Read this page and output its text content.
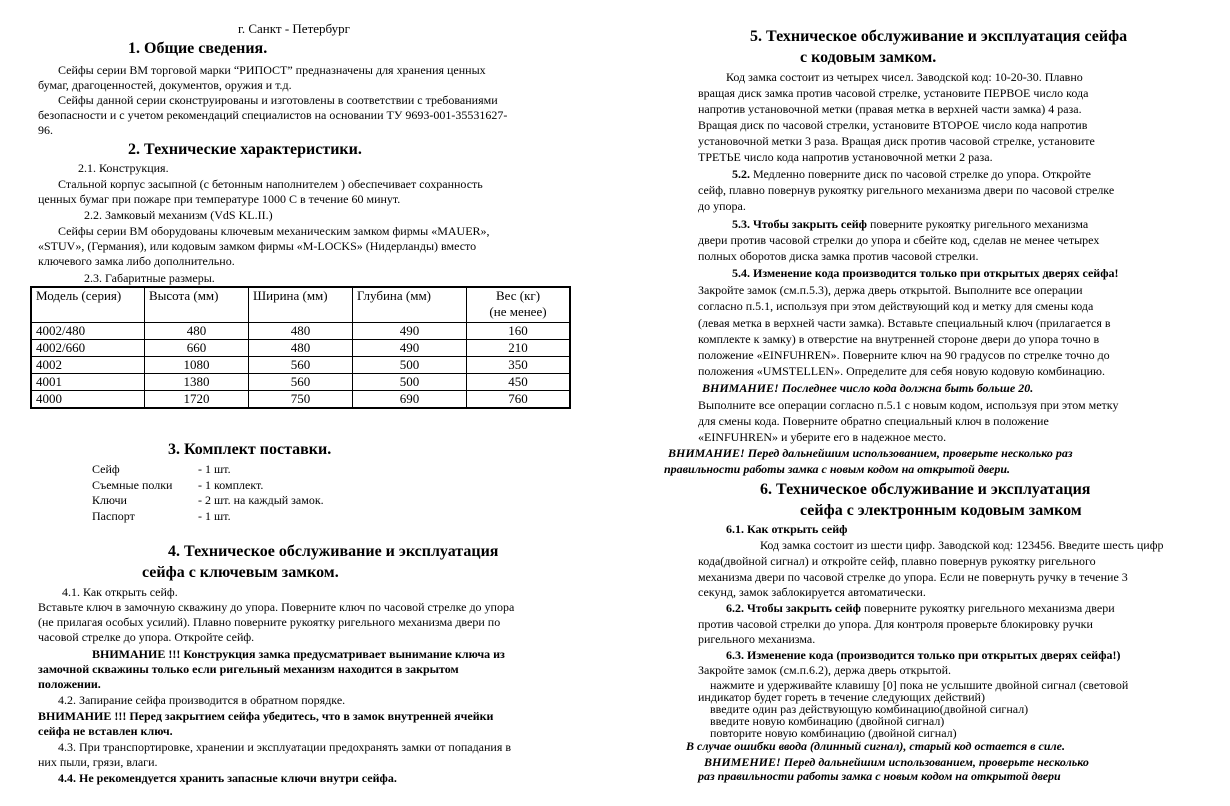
г. Санкт - Петербург
1. Общие сведения.
Сейфы серии ВМ торговой марки “РИПОСТ” предназначены для хранения ценных
бумаг, драгоценностей, документов, оружия и т.д.
Сейфы данной серии сконструированы и изготовлены в соответствии с требованиями
безопасности и с учетом рекомендаций специалистов на основании ТУ 9693-001-35531627-
96.
2. Технические характеристики.
2.1. Конструкция.
Стальной корпус засыпной (с бетонным наполнителем ) обеспечивает сохранность
ценных бумаг при пожаре при температуре 1000 С в течение 60 минут.
2.2. Замковый механизм (VdS KL.II.)
Сейфы серии ВМ оборудованы ключевым механическим замком фирмы «MAUER»,
«STUV», (Германия), или кодовым замком фирмы «M-LOCKS» (Нидерланды) вместо
ключевого замка либо дополнительно.
2.3. Габаритные размеры.
Модель (серия)	Высота (мм)	Ширина (мм)	Глубина (мм)	Вес (кг)
(не менее)
4002/480	480	480	490	160
4002/660	660	480	490	210
4002	1080	560	500	350
4001	1380	560	500	450
4000	1720	750	690	760
3. Комплект поставки.
Сейф	- 1 шт.
Съемные полки - 1 комплект.
Ключи	- 2 шт. на каждый замок.
Паспорт	- 1 шт.
4. Техническое обслуживание и эксплуатация
сейфа с ключевым замком.
4.1. Как открыть сейф.
Вставьте ключ в замочную скважину до упора. Поверните ключ по часовой стрелке до упора
(не прилагая особых усилий). Плавно поверните рукоятку ригельного механизма двери по
часовой стрелке до упора. Откройте сейф.
ВНИМАНИЕ !!! Конструкция замка предусматривает вынимание ключа из
замочной скважины только если ригельный механизм находится в закрытом
положении.
4.2. Запирание сейфа производится в обратном порядке.
ВНИМАНИЕ !!! Перед закрытием сейфа убедитесь, что в замок внутренней ячейки
сейфа не вставлен ключ.
4.3. При транспортировке, хранении и эксплуатации предохранять замки от попадания в
них пыли, грязи, влаги.
4.4. Не рекомендуется хранить запасные ключи внутри сейфа.
5. Техническое обслуживание и эксплуатация сейфа
с кодовым замком.
Код замка состоит из четырех чисел. Заводской код: 10-20-30. Плавно
вращая диск замка против часовой стрелке, установите ПЕРВОЕ число кода
напротив установочной метки (правая метка в верхней части замка) 4 раза.
Вращая диск по часовой стрелки, установите ВТОРОЕ число кода напротив
установочной метки 3 раза. Вращая диск против часовой стрелке, установите
ТРЕТЬЕ число кода напротив установочной метки 2 раза.
5.2. Медленно поверните диск по часовой стрелке до упора. Откройте
сейф, плавно повернув рукоятку ригельного механизма двери по часовой стрелке
до упора.
5.3. Чтобы закрыть сейф поверните рукоятку ригельного механизма
двери против часовой стрелки до упора и сбейте код, сделав не менее четырех
полных оборотов диска замка против часовой стрелки.
5.4. Изменение кода производится только при открытых дверях сейфа!
Закройте замок (см.п.5.3), держа дверь открытой. Выполните все операции
согласно п.5.1, используя при этом действующий код и метку для смены кода
(левая метка в верхней части замка). Вставьте специальный ключ (прилагается в
комплекте к замку) в отверстие на внутренней стороне двери до упора точно в
положение «EINFUHREN». Поверните ключ на 90 градусов по стрелке точно до
положения «UMSTELLEN». Определите для себя новую кодовую комбинацию.
ВНИМАНИЕ! Последнее число кода должна быть больше 20.
Выполните все операции согласно п.5.1 с новым кодом, используя при этом метку
для смены кода. Поверните обратно специальный ключ в положение
«EINFUHREN» и уберите его в надежное место.
ВНИМАНИЕ! Перед дальнейшим использованием, проверьте несколько раз
правильности работы замка с новым кодом на открытой двери.
6. Техническое обслуживание и эксплуатация
сейфа с электронным кодовым замком
6.1. Как открыть сейф
Код замка состоит из шести цифр. Заводской код: 123456. Введите шесть цифр
кода(двойной сигнал) и откройте сейф, плавно повернув рукоятку ригельного
механизма двери по часовой стрелке до упора. Если не повернуть ручку в течение 3
секунд, замок заблокируется автоматически.
6.2. Чтобы закрыть сейф поверните рукоятку ригельного механизма двери
против часовой стрелки до упора. Для контроля проверьте блокировку ручки
ригельного механизма.
6.3. Изменение кода (производится только при открытых дверях сейфа!)
Закройте замок (см.п.6.2), держа дверь открытой.
нажмите и удерживайте клавишу [0] пока не услышите двойной сигнал (световой
индикатор будет гореть в течение следующих действий)
введите один раз действующую комбинацию(двойной сигнал)
введите новую комбинацию (двойной сигнал)
повторите новую комбинацию (двойной сигнал)
В случае ошибки ввода (длинный сигнал), старый код остается в силе.
ВНИМЕНИЕ! Перед дальнейшим использованием, проверьте несколько
раз правильности работы замка с новым кодом на открытой двери
